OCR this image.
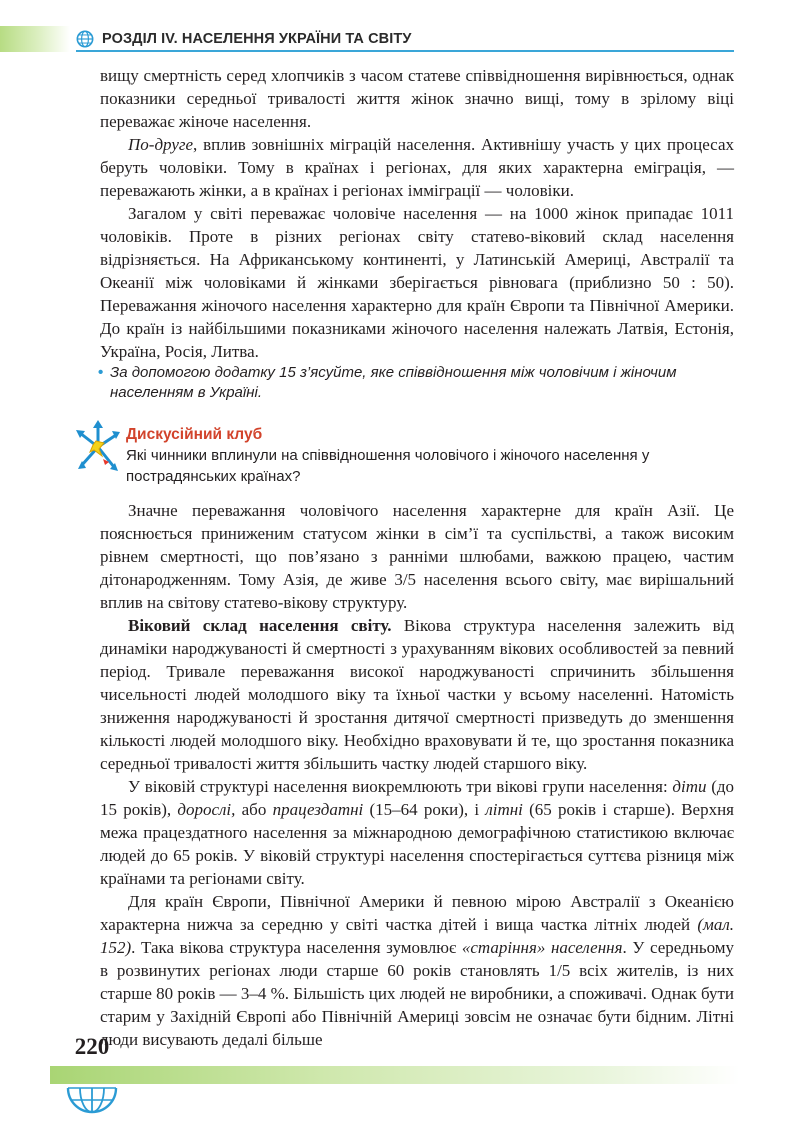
РОЗДІЛ IV. НАСЕЛЕННЯ УКРАЇНИ ТА СВІТУ

вищу смертність серед хлопчиків з часом статеве співвідношення вирівнюється, однак показники середньої тривалості життя жінок значно вищі, тому в зрілому віці переважає жіноче населення.

По-друге, вплив зовнішніх міграцій населення. Активнішу участь у цих процесах беруть чоловіки. Тому в країнах і регіонах, для яких характерна еміграція, — переважають жінки, а в країнах і регіонах імміграції — чоловіки.

Загалом у світі переважає чоловіче населення — на 1000 жінок припадає 1011 чоловіків. Проте в різних регіонах світу статево-віковий склад населення відрізняється. На Африканському континенті, у Латинській Америці, Австралії та Океанії між чоловіками й жінками зберігається рівновага (приблизно 50 : 50). Переважання жіночого населення характерно для країн Європи та Північної Америки. До країн із найбільшими показниками жіночого населення належать Латвія, Естонія, Україна, Росія, Литва.

• За допомогою додатку 15 з’ясуйте, яке співвідношення між чоловічим і жіночим населенням в Україні.

Дискусійний клуб
Які чинники вплинули на співвідношення чоловічого і жіночого населення у пострадянських країнах?

Значне переважання чоловічого населення характерне для країн Азії. Це пояснюється приниженим статусом жінки в сім’ї та суспільстві, а також високим рівнем смертності, що пов’язано з ранніми шлюбами, важкою працею, частим дітонародженням. Тому Азія, де живе 3/5 населення всього світу, має вирішальний вплив на світову статево-вікову структуру.

Віковий склад населення світу. Вікова структура населення залежить від динаміки народжуваності й смертності з урахуванням вікових особливостей за певний період. Тривале переважання високої народжуваності спричинить збільшення чисельності людей молодшого віку та їхньої частки у всьому населенні. Натомість зниження народжуваності й зростання дитячої смертності призведуть до зменшення кількості людей молодшого віку. Необхідно враховувати й те, що зростання показника середньої тривалості життя збільшить частку людей старшого віку.

У віковій структурі населення виокремлюють три вікові групи населення: діти (до 15 років), дорослі, або працездатні (15–64 роки), і літні (65 років і старше). Верхня межа працездатного населення за міжнародною демографічною статистикою включає людей до 65 років. У віковій структурі населення спостерігається суттєва різниця між країнами та регіонами світу.

Для країн Європи, Північної Америки й певною мірою Австралії з Океанією характерна нижча за середню у світі частка дітей і вища частка літніх людей (мал. 152). Така вікова структура населення зумовлює «старіння» населення. У середньому в розвинутих регіонах люди старше 60 років становлять 1/5 всіх жителів, із них старше 80 років — 3–4 %. Більшість цих людей не виробники, а споживачі. Однак бути старим у Західній Європі або Північній Америці зовсім не означає бути бідним. Літні люди висувають дедалі більше

220
